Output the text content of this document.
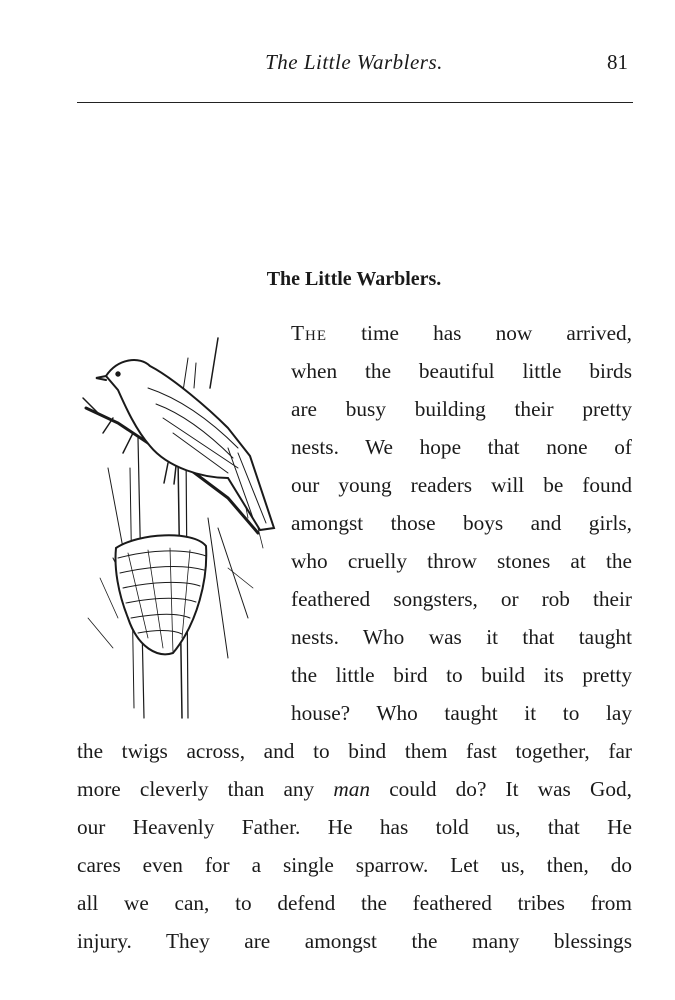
The Little Warblers.	81
The Little Warblers.
The time has now arrived,
when the beautiful little birds
are busy building their pretty
nests. We hope that none of
our young readers will be found
amongst those boys and girls,
who cruelly throw stones at the
feathered songsters, or rob their
nests. Who was it that taught
the little bird to build its pretty
house? Who taught it to lay
the twigs across, and to bind them fast together, far
more cleverly than any man could do? It was God,
our Heavenly Father. He has told us, that He
cares even for a single sparrow. Let us, then, do
all we can, to defend the feathered tribes from
injury. They are amongst the many blessings
